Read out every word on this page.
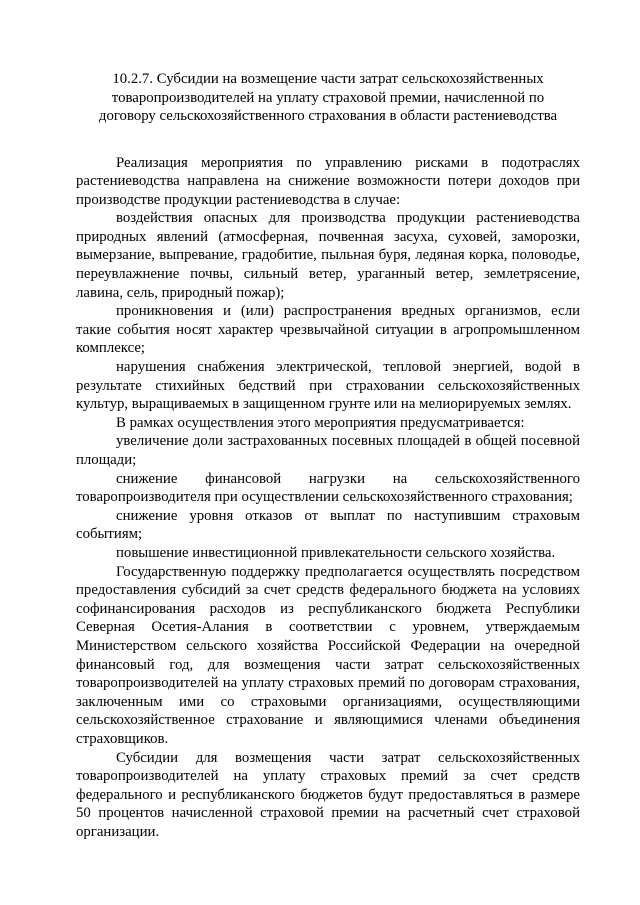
10.2.7. Субсидии на возмещение части затрат сельскохозяйственных
товаропроизводителей на уплату страховой премии, начисленной по
договору сельскохозяйственного страхования в области растениеводства

Реализация мероприятия по управлению рисками в подотраслях растениеводства направлена на снижение возможности потери доходов при производстве продукции растениеводства в случае:

воздействия опасных для производства продукции растениеводства природных явлений (атмосферная, почвенная засуха, суховей, заморозки, вымерзание, выпревание, градобитие, пыльная буря, ледяная корка, половодье, переувлажнение почвы, сильный ветер, ураганный ветер, землетрясение, лавина, сель, природный пожар);

проникновения и (или) распространения вредных организмов, если такие события носят характер чрезвычайной ситуации в агропромышленном комплексе;

нарушения снабжения электрической, тепловой энергией, водой в результате стихийных бедствий при страховании сельскохозяйственных культур, выращиваемых в защищенном грунте или на мелиорируемых землях.

В рамках осуществления этого мероприятия предусматривается:

увеличение доли застрахованных посевных площадей в общей посевной площади;

снижение финансовой нагрузки на сельскохозяйственного товаропроизводителя при осуществлении сельскохозяйственного страхования;

снижение уровня отказов от выплат по наступившим страховым событиям;

повышение инвестиционной привлекательности сельского хозяйства.

Государственную поддержку предполагается осуществлять посредством предоставления субсидий за счет средств федерального бюджета на условиях софинансирования расходов из республиканского бюджета Республики Северная Осетия-Алания в соответствии с уровнем, утверждаемым Министерством сельского хозяйства Российской Федерации на очередной финансовый год, для возмещения части затрат сельскохозяйственных товаропроизводителей на уплату страховых премий по договорам страхования, заключенным ими со страховыми организациями, осуществляющими сельскохозяйственное страхование и являющимися членами объединения страховщиков.

Субсидии для возмещения части затрат сельскохозяйственных товаропроизводителей на уплату страховых премий за счет средств федерального и республиканского бюджетов будут предоставляться в размере 50 процентов начисленной страховой премии на расчетный счет страховой организации.
